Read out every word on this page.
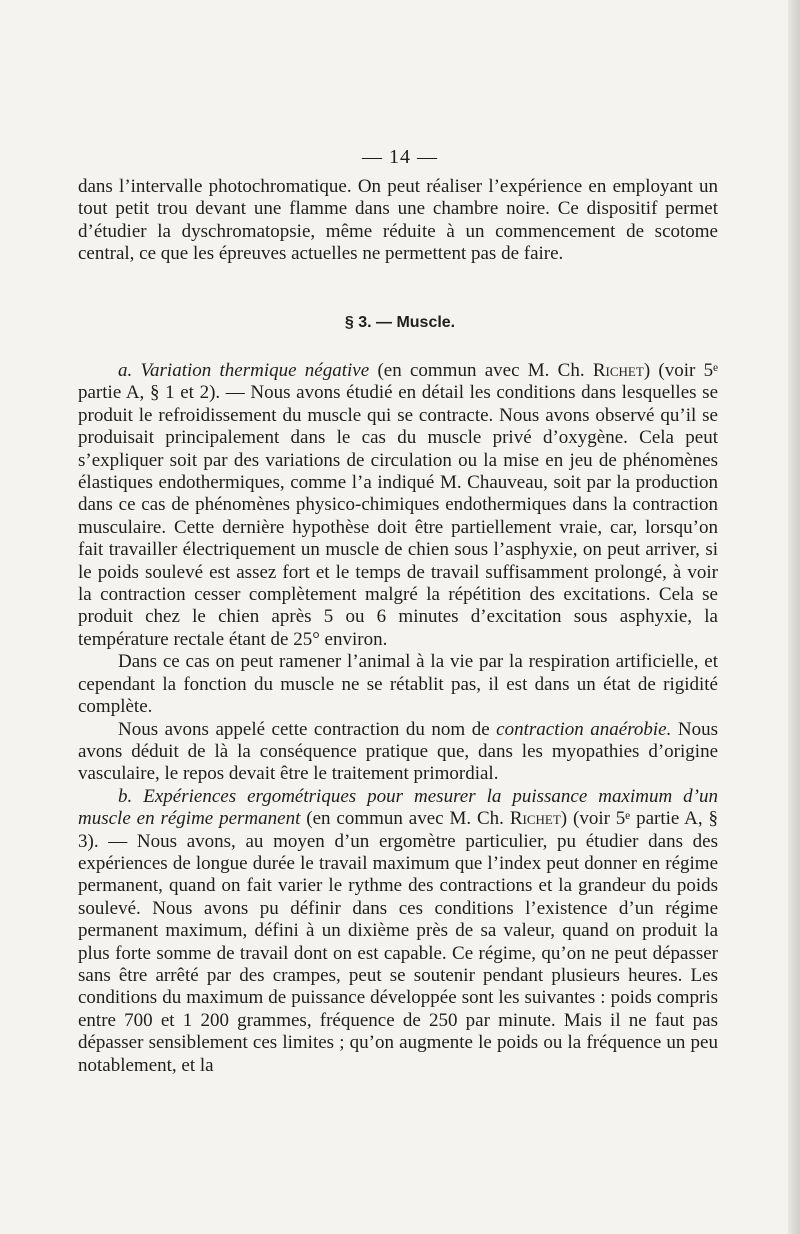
— 14 —

dans l’intervalle photochromatique. On peut réaliser l’expérience en employant un tout petit trou devant une flamme dans une chambre noire. Ce dispositif permet d’étudier la dyschromatopsie, même réduite à un commencement de scotome central, ce que les épreuves actuelles ne permettent pas de faire.

§ 3. — Muscle.

a. Variation thermique négative (en commun avec M. Ch. Richet) (voir 5ᵉ partie A, § 1 et 2). — Nous avons étudié en détail les conditions dans lesquelles se produit le refroidissement du muscle qui se contracte. Nous avons observé qu’il se produisait principalement dans le cas du muscle privé d’oxygène. Cela peut s’expliquer soit par des variations de circulation ou la mise en jeu de phénomènes élastiques endothermiques, comme l’a indiqué M. Chauveau, soit par la production dans ce cas de phénomènes physico-chimiques endothermiques dans la contraction musculaire. Cette dernière hypothèse doit être partiellement vraie, car, lorsqu’on fait travailler électriquement un muscle de chien sous l’asphyxie, on peut arriver, si le poids soulevé est assez fort et le temps de travail suffisamment prolongé, à voir la contraction cesser complètement malgré la répétition des excitations. Cela se produit chez le chien après 5 ou 6 minutes d’excitation sous asphyxie, la température rectale étant de 25° environ.

Dans ce cas on peut ramener l’animal à la vie par la respiration artificielle, et cependant la fonction du muscle ne se rétablit pas, il est dans un état de rigidité complète.

Nous avons appelé cette contraction du nom de contraction anaérobie. Nous avons déduit de là la conséquence pratique que, dans les myopathies d’origine vasculaire, le repos devait être le traitement primordial.

b. Expériences ergométriques pour mesurer la puissance maximum d’un muscle en régime permanent (en commun avec M. Ch. Richet) (voir 5ᵉ partie A, § 3). — Nous avons, au moyen d’un ergomètre particulier, pu étudier dans des expériences de longue durée le travail maximum que l’index peut donner en régime permanent, quand on fait varier le rythme des contractions et la grandeur du poids soulevé. Nous avons pu définir dans ces conditions l’existence d’un régime permanent maximum, défini à un dixième près de sa valeur, quand on produit la plus forte somme de travail dont on est capable. Ce régime, qu’on ne peut dépasser sans être arrêté par des crampes, peut se soutenir pendant plusieurs heures. Les conditions du maximum de puissance développée sont les suivantes : poids compris entre 700 et 1 200 grammes, fréquence de 250 par minute. Mais il ne faut pas dépasser sensiblement ces limites ; qu’on augmente le poids ou la fréquence un peu notablement, et la
